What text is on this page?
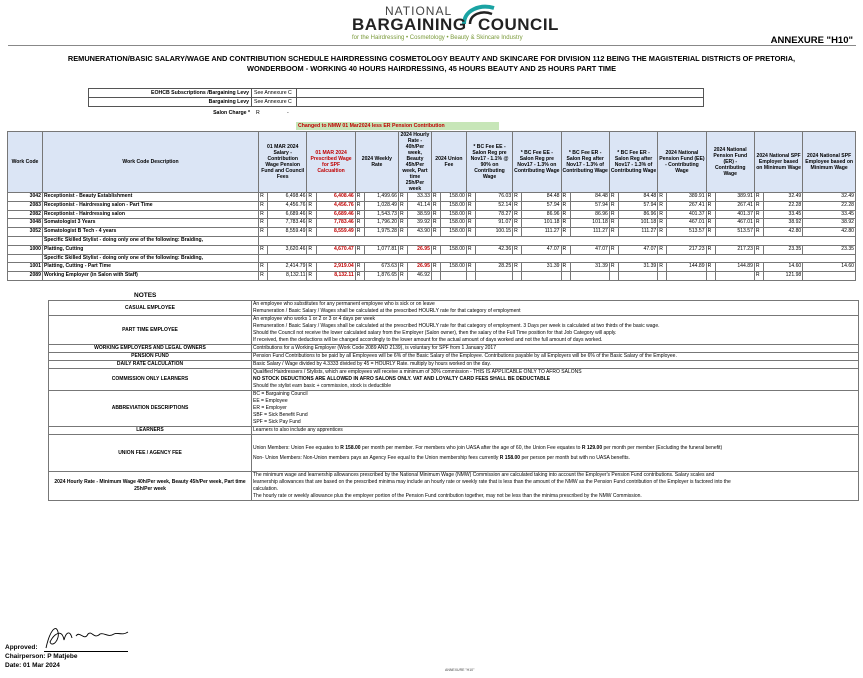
NATIONAL
BARGAINING COUNCIL
for the Hairdressing • Cosmetology • Beauty & Skincare Industry	ANNEXURE "H10"
REMUNERATION/BASIC SALARY/WAGE AND CONTRIBUTION SCHEDULE HAIRDRESSING COSMETOLOGY BEAUTY AND SKINCARE FOR DIVISION 112 BEING THE MAGISTERIAL DISTRICTS OF PRETORIA,
WONDERBOOM - WORKING 40 HOURS HAIRDRESSING, 45 HOURS BEAUTY AND 25 HOURS PART TIME
EOHCB Subscriptions /Bargaining Levy	See Annexure C	
Bargaining Levy	See Annexure C	
Salon Charge * R	-
Changed to NMW 01 Mar2024 less ER Pension Contribution
Work Code	Work Code Description	01 MAR 2024 Salary - Contribution Wage Pension Fund and Council Fees		01 MAR 2024 Prescribed Wage for SPF Calcualtion		2024 Weekly Rate		2024 Hourly Rate - 40h/Per week, Beauty 45h/Per week, Part time 25h/Per week		2024 Union Fee		* BC Fee EE - Salon Reg pre Nov17 - 1.1% @ 90% on Contributing Wage		* BC Fee EE - Salon Reg pre Nov17 - 1.3% on Contributing Wage		* BC Fee ER - Salon Reg after Nov17 - 1.3% of Contributing Wage		* BC Fee ER - Salon Reg after Nov17 - 1.3% of Contributing Wage		2024 National Pension Fund (EE) - Contributing Wage		2024 National Pension Fund (ER) - Contributing Wage		2024 National SPF Employer based on Minimum Wage		2024 National SPF Employee based on Minimum Wage
3042	Receptionist - Beauty Establishment	R	6,498.46	R	6,408.46	R	1,499.66	R	33.33	R	158.00	R	76.03	R	84.48	R	84.48	R	84.48	R	389.91	R	389.91	R	32.49	32.49
2083	Receptionist - Hairdressing salon - Part Time	R	4,456.76	R	4,456.76	R	1,028.49	R	41.14	R	158.00	R	52.14	R	57.94	R	57.94	R	57.94	R	267.41	R	267.41	R	22.28	22.28
2082	Receptionist - Hairdressing salon	R	6,689.46	R	6,689.46	R	1,543.73	R	38.59	R	158.00	R	78.27	R	86.96	R	86.96	R	86.96	R	401.37	R	401.37	R	33.45	33.45
3048	Somatologist 3 Years	R	7,783.46	R	7,783.46	R	1,796.20	R	39.92	R	158.00	R	91.07	R	101.18	R	101.18	R	101.18	R	467.01	R	467.01	R	38.92	38.92
3052	Somatologist B Tech - 4 years	R	8,559.49	R	8,559.49	R	1,975.28	R	43.90	R	158.00	R	100.15	R	111.27	R	111.27	R	111.27	R	513.57	R	513.57	R	42.80	42.80
	Specific Skilled Stylist - doing only one of the following: Braiding,																									
1000	Platting, Cutting	R	3,620.46	R	4,670.47	R	1,077.81	R	26.95	R	158.00	R	42.36	R	47.07	R	47.07	R	47.07	R	217.23	R	217.23	R	23.35	23.35
	Specific Skilled Stylist - doing only one of the following: Braiding,																									
1001	Platting, Cutting - Part Time	R	2,414.79	R	2,919.04	R	673.63	R	26.95	R	158.00	R	28.25	R	31.39	R	31.39	R	31.39	R	144.89	R	144.89	R	14.60	14.60
2089	Working Employer (in Salon with Staff)	R	8,132.11	R	8,132.11	R	1,876.65	R	46.92															R	121.98	
NOTES
CASUAL EMPLOYEE	An employee who substitutes for any permanent employee who is sick or on leave
Remuneration / Basic Salary / Wages shall be calculated at the prescribed HOURLY rate for that category of employment

PART TIME EMPLOYEE	An employee who works 1 or 2 or 3 or 4 days per week
Remuneration / Basic Salary / Wages shall be calculated at the prescribed HOURLY rate for that category of employment. 3 Days per week is calculated at two thirds of the basic wage.
Should the Council not receive the lower calculated salary from the Employer (Salon owner), then the salary of the Full Time position for that Job Category will apply.
If received, then the deductions will be changed accordingly to the lower amount for the actual amount of days worked and not the full amount of days worked.

WORKING EMPLOYERS AND LEGAL OWNERS	Contributions for a Working Employer (Work Code 2089 AND 2139), is voluntary for SPF from 1 January 2017

PENSION FUND	Pension Fund Contributions to be paid by all Employees will be 6% of the Basic Salary of the Employee. Contributions payable by all Employers will be 6% of the Basic Salary of the Employee.

DAILY RATE CALCULATION	Basic Salary / Wage divided by 4.3333 divided by 45 = HOURLY Rate. multiply by hours worked on the day.

COMMISSION ONLY LEARNERS	Qualified Hairdressers / Stylists, which are employees will receive a minimum of 30% commission - THIS IS APPLICABLE ONLY TO AFRO SALONS
NO STOCK DEDUCTIONS ARE ALLOWED IN AFRO SALONS ONLY. VAT AND LOYALTY CARD FEES SHALL BE DEDUCTABLE
Should the stylist earn basic + commission, stock is deductible

ABBREVIATION DESCRIPTIONS	BC = Bargaining Council
EE = Employee
ER = Employer
SBF = Sick Benefit Fund
SPF = Sick Pay Fund

LEARNERS	Learners to also include any apprentices

UNION FEE / AGENCY FEE	Union Members: Union Fee equates to R 158.00 per month per member. For members who join UASA after the age of 60, the Union Fee equates to R 129.00 per month per member (Excluding the funeral benefit)
Non- Union Members: Non-Union members pays an Agency Fee equal to the Union membership fees currently R 158.00 per person per month but with no UASA benefits.

2024 Hourly Rate - Minimum Wage 40h/Per week, Beauty 45h/Per week, Part time 25h/Per week	The minimum wage and learnership allowances prescribed by the National Minimum Wage (NMW) Commission are calculated taking into account the Employer's Pension Fund contributions. Salary scales and
learnership allowances that are based on the prescribed minima may include an hourly rate or weekly rate that is less than the amount of the NMW as the Pension Fund contribution of the Employer is factored into the
calculation.
The hourly rate or weekly allowance plus the employer portion of the Pension Fund contribution together, may not be less than the minima prescribed by the NMW Commission.
Approved:
Chairperson: P Matjebe
Date: 01 Mar 2024
ANNEXURE "H10"
